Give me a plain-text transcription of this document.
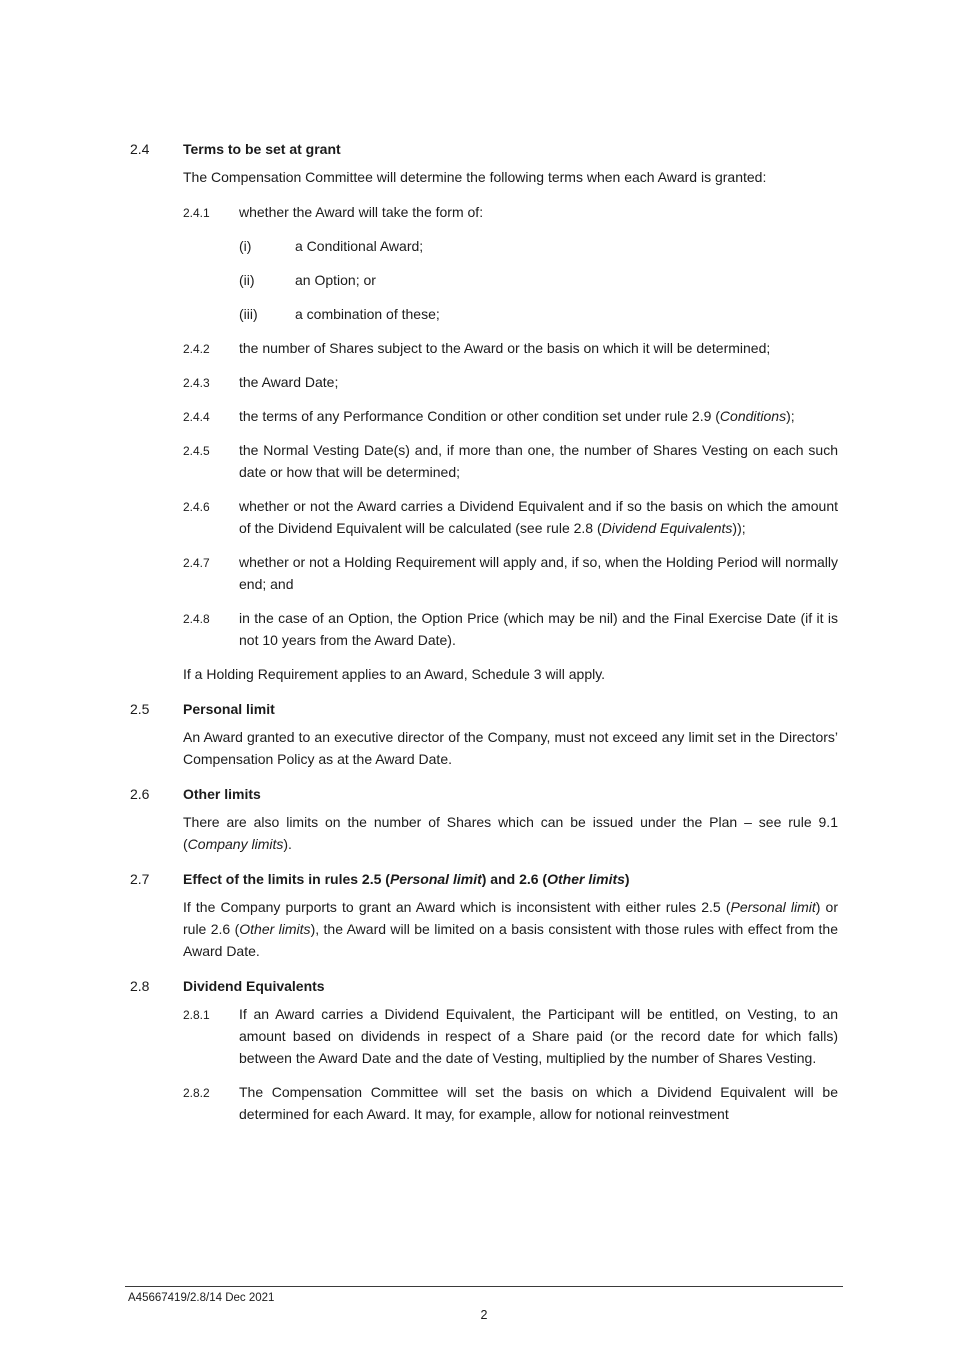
2.4	Terms to be set at grant

The Compensation Committee will determine the following terms when each Award is granted:

2.4.1	whether the Award will take the form of:

(i)	a Conditional Award;

(ii)	an Option; or

(iii)	a combination of these;

2.4.2	the number of Shares subject to the Award or the basis on which it will be determined;

2.4.3	the Award Date;

2.4.4	the terms of any Performance Condition or other condition set under rule 2.9 (Conditions);

2.4.5	the Normal Vesting Date(s) and, if more than one, the number of Shares Vesting on each such date or how that will be determined;

2.4.6	whether or not the Award carries a Dividend Equivalent and if so the basis on which the amount of the Dividend Equivalent will be calculated (see rule 2.8 (Dividend Equivalents));

2.4.7	whether or not a Holding Requirement will apply and, if so, when the Holding Period will normally end; and

2.4.8	in the case of an Option, the Option Price (which may be nil) and the Final Exercise Date (if it is not 10 years from the Award Date).

If a Holding Requirement applies to an Award, Schedule 3 will apply.

2.5	Personal limit

An Award granted to an executive director of the Company, must not exceed any limit set in the Directors’ Compensation Policy as at the Award Date.

2.6	Other limits

There are also limits on the number of Shares which can be issued under the Plan – see rule 9.1 (Company limits).

2.7	Effect of the limits in rules 2.5 (Personal limit) and 2.6 (Other limits)

If the Company purports to grant an Award which is inconsistent with either rules 2.5 (Personal limit) or rule 2.6 (Other limits), the Award will be limited on a basis consistent with those rules with effect from the Award Date.

2.8	Dividend Equivalents
2.8.1	If an Award carries a Dividend Equivalent, the Participant will be entitled, on Vesting, to an amount based on dividends in respect of a Share paid (or the record date for which falls) between the Award Date and the date of Vesting, multiplied by the number of Shares Vesting.

2.8.2	The Compensation Committee will set the basis on which a Dividend Equivalent will be determined for each Award. It may, for example, allow for notional reinvestment

A45667419/2.8/14 Dec 2021
2
